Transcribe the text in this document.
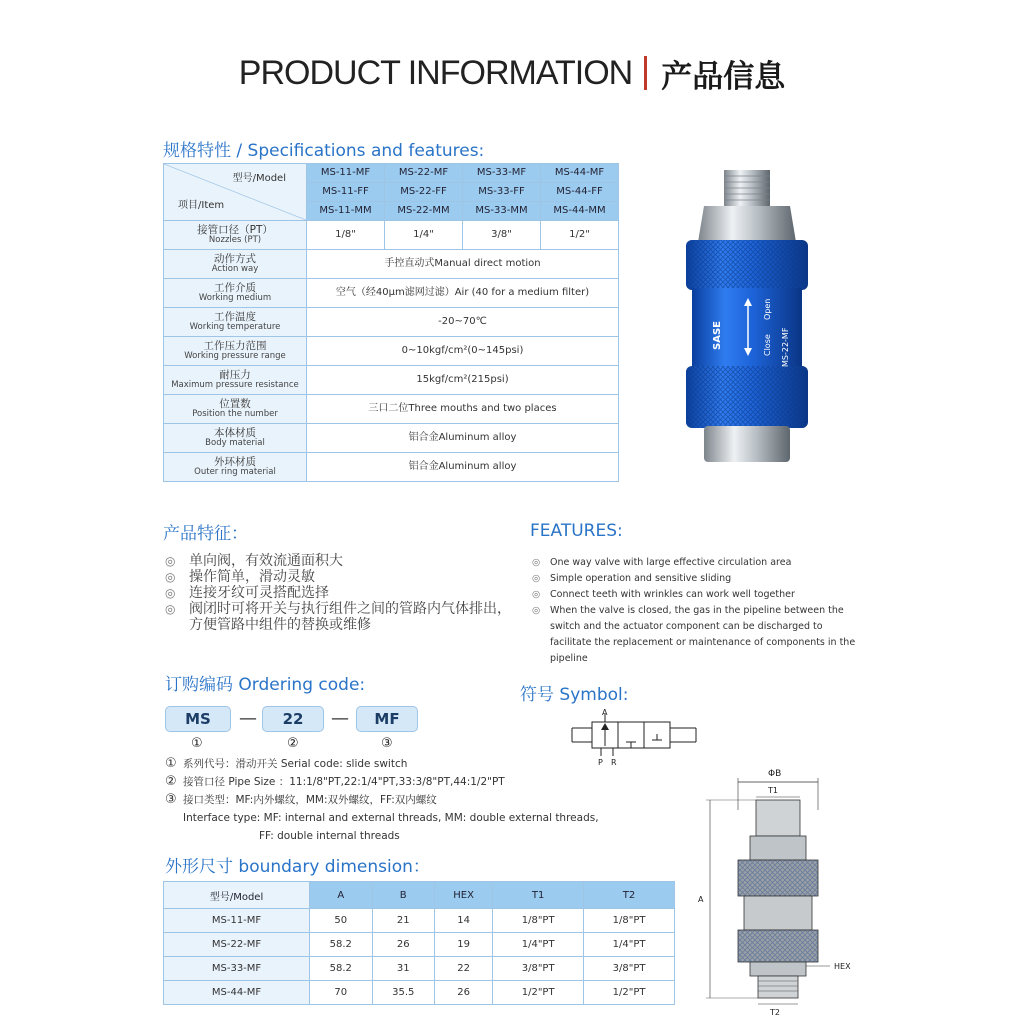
PRODUCT INFORMATION 产品信息
规格特性 / Specifications and features:
型号/Model
项目/Item	MS-11-MF	MS-22-MF	MS-33-MF	MS-44-MF
	MS-11-FF	MS-22-FF	MS-33-FF	MS-44-FF
	MS-11-MM	MS-22-MM	MS-33-MM	MS-44-MM

接管口径（PT）
Nozzles (PT)	1/8"	1/4"	3/8"	1/2"

动作方式
Action way	手控直动式Manual direct motion			

工作介质
Working medium	空气（经40μm滤网过滤）Air (40 for a medium filter)			

工作温度
Working temperature	-20~70℃			

工作压力范围
Working pressure range	0~10kgf/cm²(0~145psi)			

耐压力
Maximum pressure resistance	15kgf/cm²(215psi)			

位置数
Position the number	三口二位Three mouths and two places			

本体材质
Body material	铝合金Aluminum alloy			

外环材质
Outer ring material	铝合金Aluminum alloy			
SASE	Close
Open
MS-22-MF
产品特征：
◎ 单向阀，有效流通面积大
◎ 操作简单，滑动灵敏
◎ 连接牙纹可灵搭配选择
◎ 阀闭时可将开关与执行组件之间的管路内气体排出，方便管路中组件的替换或维修
FEATURES:
◎	One way valve with large effective circulation area
◎	Simple operation and sensitive sliding
◎	Connect teeth with wrinkles can work well together
◎	When the valve is closed, the gas in the pipeline between the switch and the actuator component can be discharged to facilitate the replacement or maintenance of components in the pipeline
订购编码 Ordering code:
MS	—	22	—	MF
①	②	③
① 系列代号：滑动开关 Serial code: slide switch
② 接管口径 Pipe Size ：11:1/8"PT,22:1/4"PT,33:3/8"PT,44:1/2"PT
③ 接口类型：MF:内外螺纹，MM:双外螺纹，FF:双内螺纹
Interface type: MF: internal and external threads, MM: double external threads,
FF: double internal threads
符号 Symbol:
A
P R
ΦB
T1
A
HEX
T2
外形尺寸 boundary dimension：
型号/Model	A	B	HEX	T1	T2
MS-11-MF	50	21	14	1/8"PT	1/8"PT
MS-22-MF	58.2	26	19	1/4"PT	1/4"PT
MS-33-MF	58.2	31	22	3/8"PT	3/8"PT
MS-44-MF	70	35.5	26	1/2"PT	1/2"PT
